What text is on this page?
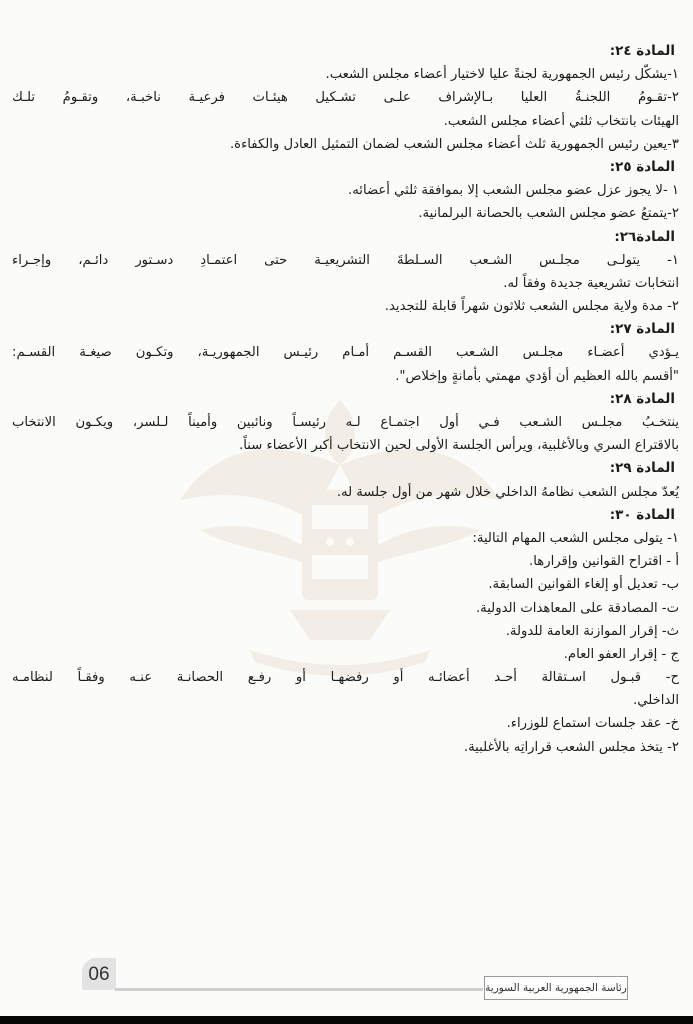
المادة ٢٤:
١-يشكّل رئيس الجمهورية لجنةً عليا لاختيار أعضاء مجلس الشعب.
٢-تقـومُ اللجنـةُ العليا بـالإشراف علـى تشـكيل هيئـات فرعيـة ناخبـة، وتقـومُ تلـك
الهيئات بانتخاب ثلثي أعضاء مجلس الشعب.
٣-يعين رئيس الجمهورية ثلث أعضاء مجلس الشعب لضمان التمثيل العادل والكفاءة.
المادة ٢٥:
١ -لا يجوز عزل عضو مجلس الشعب إلا بموافقة ثلثي أعضائه.
٢-يتمتعُ عضو مجلس الشعب بالحصانة البرلمانية.
المادة٢٦:
١- يتولـى مجلـس الشـعب السـلطةَ التشريعيـة حتى اعتمـادِ دسـتور دائـم، وإجـراء
انتخابات تشريعية جديدة وفقاً له.
٢- مدة ولاية مجلس الشعب ثلاثون شهراً قابلة للتجديد.
المادة ٢٧:
يـؤدي أعضـاء مجلـس الشـعب القسـم أمـام رئيـس الجمهوريـة، وتكـون صيغـة القسـم:
"أقسم بالله العظيم أن أؤدي مهمتي بأمانةٍ وإخلاص".
المادة ٢٨:
ينتخـبُ مجلـس الشـعب فـي أول اجتمـاع لـه رئيسـاً ونائبين وأميناً لـلسر، ويكـون الانتخاب
بالاقتراع السري وبالأغلبية، ويرأس الجلسة الأولى لحين الانتخاب أكبر الأعضاء سناً.
المادة ٢٩:
يُعدّ مجلس الشعب نظامهُ الداخلي خلال شهر من أول جلسة له.
المادة ٣٠:
١- يتولى مجلس الشعب المهام التالية:
أ - اقتراح القوانين وإقرارها.
ب- تعديل أو إلغاء القوانين السابقة.
ت- المصادقة على المعاهدات الدولية.
ث- إقرار الموازنة العامة للدولة.
ج - إقرار العفو العام.
ح- قبـول اسـتقالة أحـد أعضائـه أو رفضهـا أو رفـع الحصانـة عنـه وفقـاً لنظامـه
الداخلي.
خ- عقد جلسات استماع للوزراء.
٢- يتخذ مجلس الشعب قراراتِه بالأغلبية.
06
رئاسة الجمهورية العربية السورية
